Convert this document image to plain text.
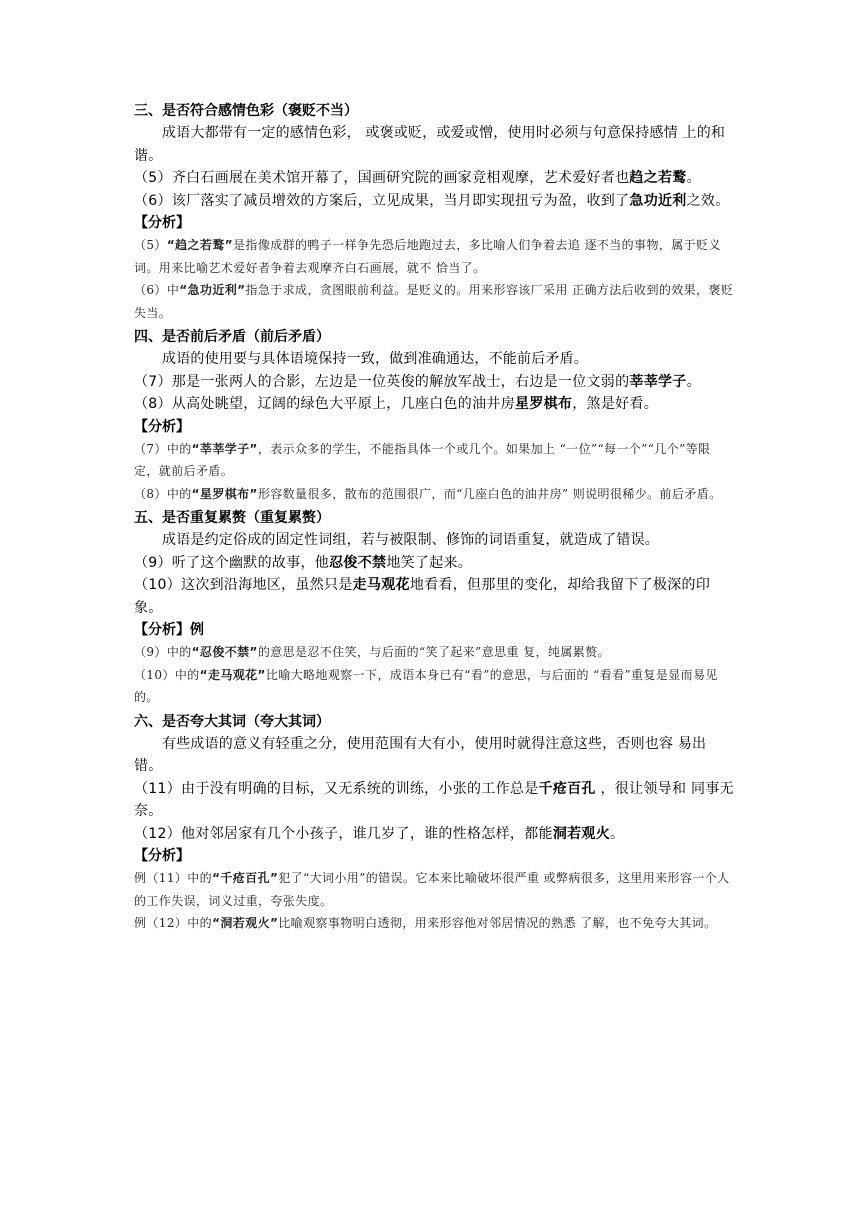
三、是否符合感情色彩（褒贬不当）
成语大都带有一定的感情色彩， 或褒或贬，或爱或憎，使用时必须与句意保持感情 上的和谐。
（5）齐白石画展在美术馆开幕了，国画研究院的画家竞相观摩，艺术爱好者也趋之若鹜。
（6）该厂落实了减员增效的方案后，立见成果，当月即实现扭亏为盈，收到了急功近利之效。
【分析】
（5）“趋之若鹜”是指像成群的鸭子一样争先恐后地跑过去，多比喻人们争着去追 逐不当的事物，属于贬义词。用来比喻艺术爱好者争着去观摩齐白石画展，就不 恰当了。
（6）中“急功近利”指急于求成，贪图眼前利益。是贬义的。用来形容该厂采用 正确方法后收到的效果，褒贬失当。
四、是否前后矛盾（前后矛盾）
成语的使用要与具体语境保持一致，做到准确通达，不能前后矛盾。
（7）那是一张两人的合影，左边是一位英俊的解放军战士，右边是一位文弱的莘莘学子。
（8）从高处眺望，辽阔的绿色大平原上，几座白色的油井房星罗棋布，煞是好看。
【分析】
（7）中的“莘莘学子”，表示众多的学生，不能指具体一个或几个。如果加上 “一位”“每一个”“几个”等限定，就前后矛盾。
（8）中的“星罗棋布”形容数量很多，散布的范围很广，而“几座白色的油井房” 则说明很稀少。前后矛盾。
五、是否重复累赘（重复累赘）
成语是约定俗成的固定性词组，若与被限制、修饰的词语重复，就造成了错误。
（9）听了这个幽默的故事，他忍俊不禁地笑了起来。
（10）这次到沿海地区，虽然只是走马观花地看看，但那里的变化，却给我留下了极深的印象。
【分析】例
（9）中的“忍俊不禁”的意思是忍不住笑，与后面的“笑了起来”意思重 复，纯属累赘。
（10）中的“走马观花”比喻大略地观察一下，成语本身已有“看”的意思，与后面的 “看看”重复是显而易见的。
六、是否夸大其词（夸大其词）
有些成语的意义有轻重之分，使用范围有大有小，使用时就得注意这些，否则也容 易出错。
（11）由于没有明确的目标，又无系统的训练，小张的工作总是千疮百孔 ，很让领导和 同事无奈。
（12）他对邻居家有几个小孩子，谁几岁了，谁的性格怎样，都能洞若观火。
【分析】
例（11）中的“千疮百孔”犯了“大词小用”的错误。它本来比喻破坏很严重 或弊病很多，这里用来形容一个人的工作失误，词义过重，夸张失度。
例（12）中的“洞若观火”比喻观察事物明白透彻，用来形容他对邻居情况的熟悉 了解，也不免夸大其词。
